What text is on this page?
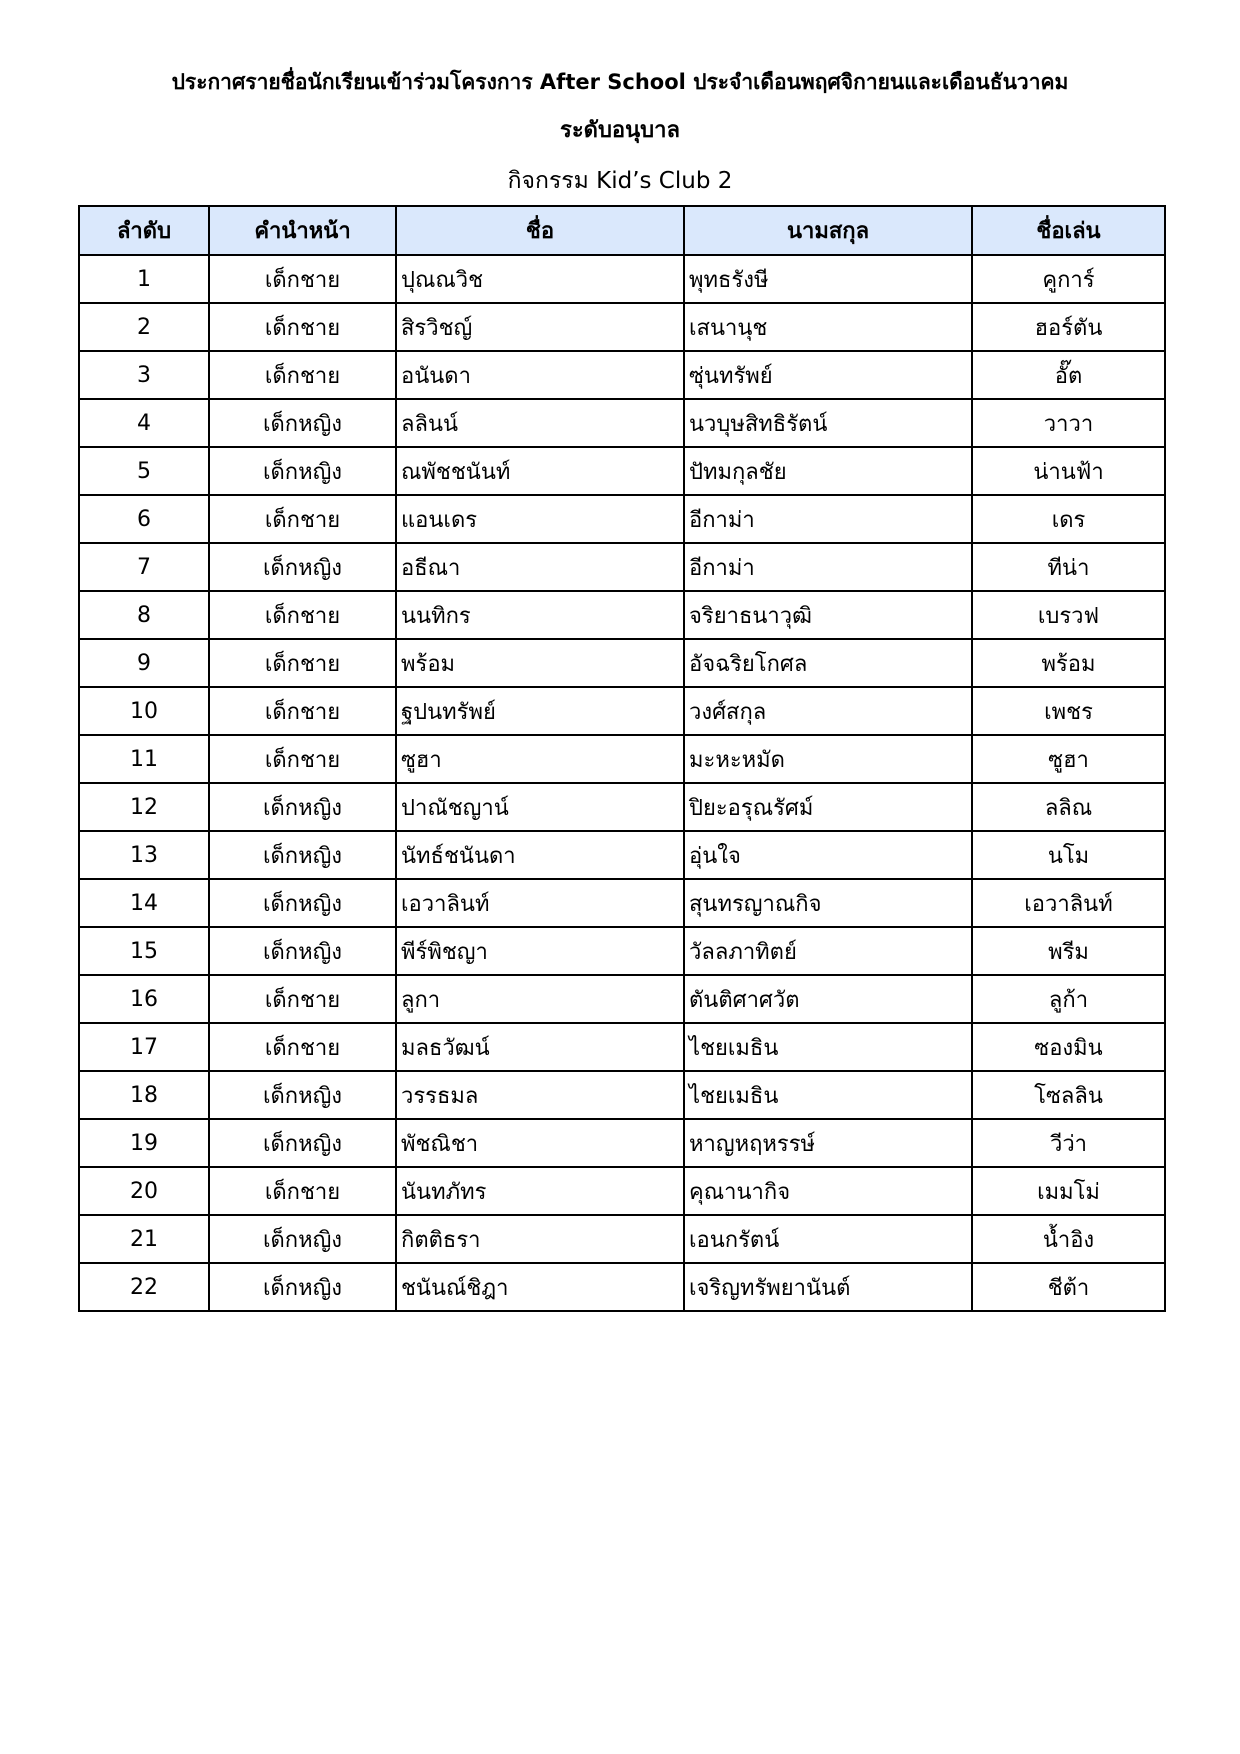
ประกาศรายชื่อนักเรียนเข้าร่วมโครงการ After School ประจำเดือนพฤศจิกายนและเดือนธันวาคม
ระดับอนุบาล
กิจกรรม Kid’s Club 2
ลำดับ	คำนำหน้า	ชื่อ	นามสกุล	ชื่อเล่น
1	เด็กชาย	ปุณณวิช	พุทธรังษี	คูการ์
2	เด็กชาย	สิรวิชญ์	เสนานุช	ฮอร์ตัน
3	เด็กชาย	อนันดา	ซุ่นทรัพย์	อั๊ต
4	เด็กหญิง	ลลินน์	นวบุษสิทธิรัตน์	วาวา
5	เด็กหญิง	ณพัชชนันท์	ปัทมกุลชัย	น่านฟ้า
6	เด็กชาย	แอนเดร	อีกาม่า	เดร
7	เด็กหญิง	อธีณา	อีกาม่า	ทีน่า
8	เด็กชาย	นนทิกร	จริยาธนาวุฒิ	เบรวฟ
9	เด็กชาย	พร้อม	อัจฉริยโกศล	พร้อม
10	เด็กชาย	ฐปนทรัพย์	วงศ์สกุล	เพชร
11	เด็กชาย	ซูฮา	มะหะหมัด	ซูฮา
12	เด็กหญิง	ปาณัชญาน์	ปิยะอรุณรัศม์	ลลิณ
13	เด็กหญิง	นัทธ์ชนันดา	อุ่นใจ	นโม
14	เด็กหญิง	เอวาลินท์	สุนทรญาณกิจ	เอวาลินท์
15	เด็กหญิง	พีร์พิชญา	วัลลภาทิตย์	พรีม
16	เด็กชาย	ลูกา	ตันติศาศวัต	ลูก้า
17	เด็กชาย	มลธวัฒน์	ไชยเมธิน	ซองมิน
18	เด็กหญิง	วรรธมล	ไชยเมธิน	โซลลิน
19	เด็กหญิง	พัชณิชา	หาญหฤหรรษ์	วีว่า
20	เด็กชาย	นันทภัทร	คุณานากิจ	เมมโม่
21	เด็กหญิง	กิตติธรา	เอนกรัตน์	น้ำอิง
22	เด็กหญิง	ชนันณ์ชิฎา	เจริญทรัพยานันต์	ชีต้า
